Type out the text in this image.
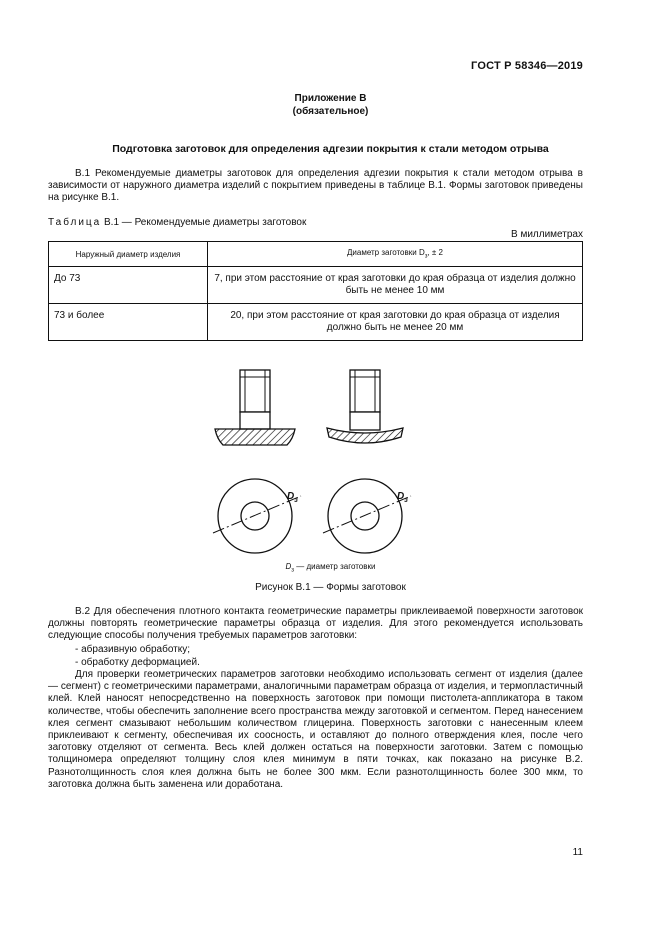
ГОСТ Р 58346—2019
Приложение В
(обязательное)
Подготовка заготовок для определения адгезии покрытия к стали методом отрыва
В.1 Рекомендуемые диаметры заготовок для определения адгезии покрытия к стали методом отрыва в зависимости от наружного диаметра изделий с покрытием приведены в таблице В.1. Формы заготовок приведены на рисунке В.1.
Таблица В.1 — Рекомендуемые диаметры заготовок
В миллиметрах
Наружный диаметр изделия	Диаметр заготовки $D_з$, ± 2
До 73	7, при этом расстояние от края заготовки до края образца от изделия должно быть не менее 10 мм
73 и более	20, при этом расстояние от края заготовки до края образца от изделия должно быть не менее 20 мм
$D_з$	$D_з$
$D_з$ — диаметр заготовки
Рисунок В.1 — Формы заготовок
В.2 Для обеспечения плотного контакта геометрические параметры приклеиваемой поверхности заготовок должны повторять геометрические параметры образца от изделия. Для этого рекомендуется использовать следующие способы получения требуемых параметров заготовки:
- абразивную обработку;
- обработку деформацией.
Для проверки геометрических параметров заготовки необходимо использовать сегмент от изделия (далее — сегмент) с геометрическими параметрами, аналогичными параметрам образца от изделия, и термопластичный клей. Клей наносят непосредственно на поверхность заготовок при помощи пистолета-аппликатора в таком количестве, чтобы обеспечить заполнение всего пространства между заготовкой и сегментом. Перед нанесением клея сегмент смазывают небольшим количеством глицерина. Поверхность заготовки с нанесенным клеем приклеивают к сегменту, обеспечивая их соосность, и оставляют до полного отверждения клея, после чего заготовку отделяют от сегмента. Весь клей должен остаться на поверхности заготовки. Затем с помощью толщиномера определяют толщину слоя клея минимум в пяти точках, как показано на рисунке В.2. Разнотолщинность слоя клея должна быть не более 300 мкм. Если разнотолщинность более 300 мкм, то заготовка должна быть заменена или доработана.
11
